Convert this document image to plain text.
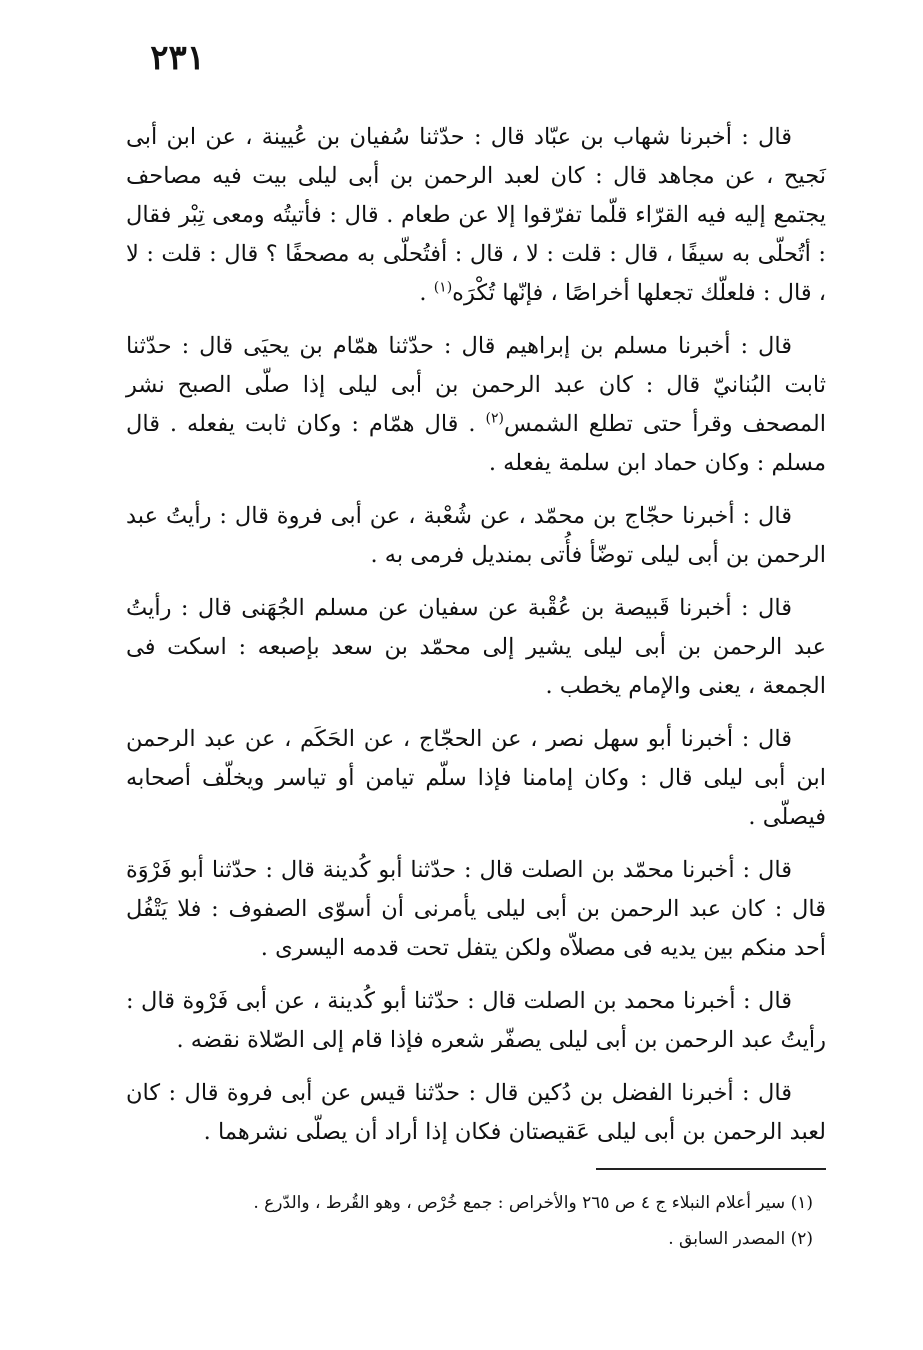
٢٣١

قال : أخبرنا شهاب بن عبّاد قال : حدّثنا سُفيان بن عُيينة ، عن ابن أبى نَجيح ، عن مجاهد قال : كان لعبد الرحمن بن أبى ليلى بيت فيه مصاحف يجتمع إليه فيه القرّاء قلّما تفرّقوا إلا عن طعام . قال : فأتيتُه ومعى تِبْر فقال : أتُحلّى به سيفًا ، قال : قلت : لا ، قال : أفتُحلّى به مصحفًا ؟ قال : قلت : لا ، قال : فلعلّك تجعلها أخراصًا ، فإنّها تُكْرَه$^{(١)}$ .

قال : أخبرنا مسلم بن إبراهيم قال : حدّثنا همّام بن يحيَى قال : حدّثنا ثابت البُنانيّ قال : كان عبد الرحمن بن أبى ليلى إذا صلّى الصبح نشر المصحف وقرأ حتى تطلع الشمس$^{(٢)}$ . قال همّام : وكان ثابت يفعله . قال مسلم : وكان حماد ابن سلمة يفعله .

قال : أخبرنا حجّاج بن محمّد ، عن شُعْبة ، عن أبى فروة قال : رأيتُ عبد الرحمن بن أبى ليلى توضّأ فأُتى بمنديل فرمى به .

قال : أخبرنا قَبيصة بن عُقْبة عن سفيان عن مسلم الجُهَنى قال : رأيتُ عبد الرحمن بن أبى ليلى يشير إلى محمّد بن سعد بإصبعه : اسكت فى الجمعة ، يعنى والإمام يخطب .

قال : أخبرنا أبو سهل نصر ، عن الحجّاج ، عن الحَكَم ، عن عبد الرحمن ابن أبى ليلى قال : وكان إمامنا فإذا سلّم تيامن أو تياسر ويخلّف أصحابه فيصلّى .

قال : أخبرنا محمّد بن الصلت قال : حدّثنا أبو كُدينة قال : حدّثنا أبو فَرْوَة قال : كان عبد الرحمن بن أبى ليلى يأمرنى أن أسوّى الصفوف : فلا يَتْفُل أحد منكم بين يديه فى مصلاّه ولكن يتفل تحت قدمه اليسرى .

قال : أخبرنا محمد بن الصلت قال : حدّثنا أبو كُدينة ، عن أبى فَرْوة قال : رأيتُ عبد الرحمن بن أبى ليلى يصفّر شعره فإذا قام إلى الصّلاة نقضه .

قال : أخبرنا الفضل بن دُكين قال : حدّثنا قيس عن أبى فروة قال : كان لعبد الرحمن بن أبى ليلى عَقيصتان فكان إذا أراد أن يصلّى نشرهما .

(١) سير أعلام النبلاء ج ٤ ص ٢٦٥ والأخراص : جمع خُرْص ، وهو القُرط ، والدّرع .

(٢) المصدر السابق .
